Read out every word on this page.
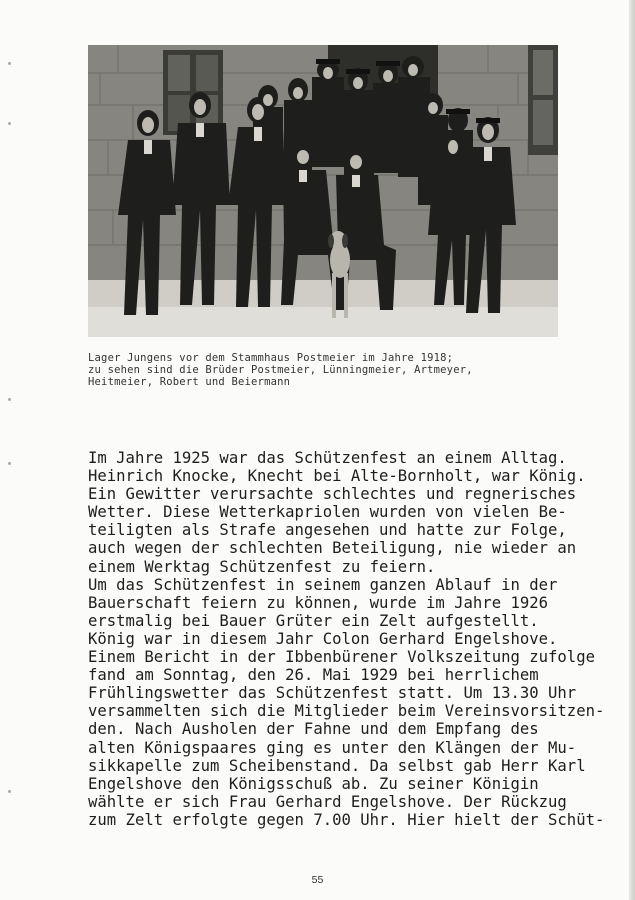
Lager Jungens vor dem Stammhaus Postmeier im Jahre 1918;
zu sehen sind die Brüder Postmeier, Lünningmeier, Artmeyer,
Heitmeier, Robert und Beiermann
Im Jahre 1925 war das Schützenfest an einem Alltag.
Heinrich Knocke, Knecht bei Alte-Bornholt, war König.
Ein Gewitter verursachte schlechtes und regnerisches
Wetter. Diese Wetterkapriolen wurden von vielen Be-
teiligten als Strafe angesehen und hatte zur Folge,
auch wegen der schlechten Beteiligung, nie wieder an
einem Werktag Schützenfest zu feiern.
Um das Schützenfest in seinem ganzen Ablauf in der
Bauerschaft feiern zu können, wurde im Jahre 1926
erstmalig bei Bauer Grüter ein Zelt aufgestellt.
König war in diesem Jahr Colon Gerhard Engelshove.
Einem Bericht in der Ibbenbürener Volkszeitung zufolge
fand am Sonntag, den 26. Mai 1929 bei herrlichem
Frühlingswetter das Schützenfest statt. Um 13.30 Uhr
versammelten sich die Mitglieder beim Vereinsvorsitzen-
den. Nach Ausholen der Fahne und dem Empfang des
alten Königspaares ging es unter den Klängen der Mu-
sikkapelle zum Scheibenstand. Da selbst gab Herr Karl
Engelshove den Königsschuß ab. Zu seiner Königin
wählte er sich Frau Gerhard Engelshove. Der Rückzug
zum Zelt erfolgte gegen 7.00 Uhr. Hier hielt der Schüt-
55
